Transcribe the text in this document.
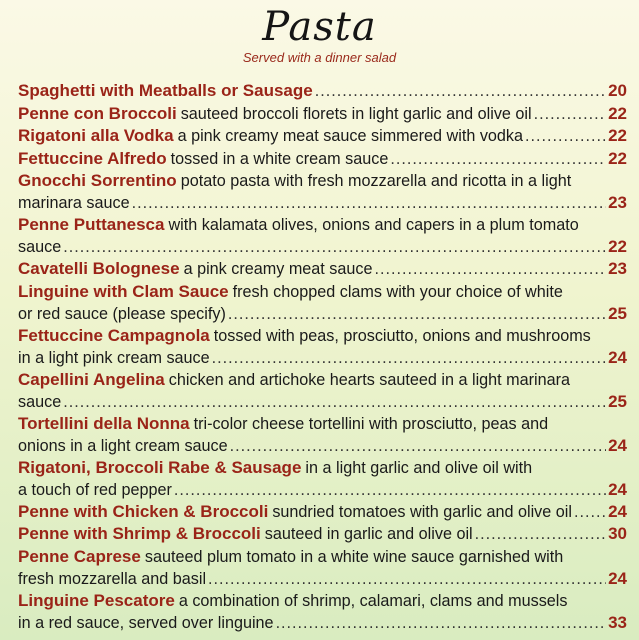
Pasta
Served with a dinner salad
Spaghetti with Meatballs or Sausage .....	20
Penne con Broccoli sauteed broccoli florets in light garlic and olive oil .....	22
Rigatoni alla Vodka a pink creamy meat sauce simmered with vodka .....	22
Fettuccine Alfredo tossed in a white cream sauce .....	22
Gnocchi Sorrentino potato pasta with fresh mozzarella and ricotta in a light
marinara sauce .....	23
Penne Puttanesca with kalamata olives, onions and capers in a plum tomato
sauce .....	22
Cavatelli Bolognese a pink creamy meat sauce .....	23
Linguine with Clam Sauce fresh chopped clams with your choice of white
or red sauce (please specify) .....	25
Fettuccine Campagnola tossed with peas, prosciutto, onions and mushrooms
in a light pink cream sauce .....	24
Capellini Angelina chicken and artichoke hearts sauteed in a light marinara
sauce .....	25
Tortellini della Nonna tri-color cheese tortellini with prosciutto, peas and
onions in a light cream sauce .....	24
Rigatoni, Broccoli Rabe & Sausage in a light garlic and olive oil with
a touch of red pepper .....	24
Penne with Chicken & Broccoli sundried tomatoes with garlic and olive oil ..... 24
Penne with Shrimp & Broccoli sauteed in garlic and olive oil .....	30
Penne Caprese sauteed plum tomato in a white wine sauce garnished with
fresh mozzarella and basil .....	24
Linguine Pescatore a combination of shrimp, calamari, clams and mussels
in a red sauce, served over linguine .....	33
